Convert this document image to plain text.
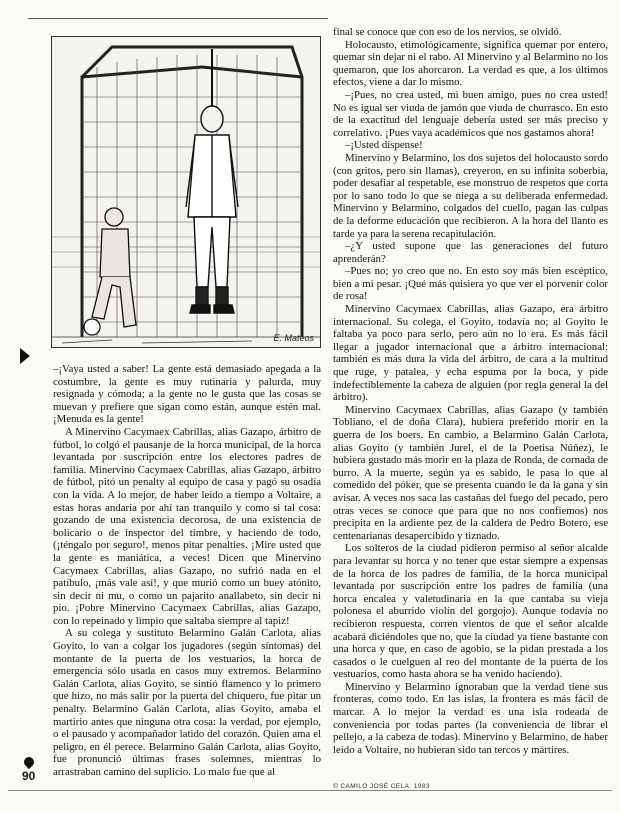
E. Mateos

–¡Vaya usted a saber! La gente está demasiado apegada a la costumbre, la gente es muy rutinaria y palurda, muy resignada y cómoda; a la gente no le gusta que las cosas se muevan y prefiere que sigan como están, aunque estén mal. ¡Menuda es la gente!

A Minervino Cacymaex Cabrillas, alias Gazapo, árbitro de fútbol, lo colgó el pausanje de la horca municipal, de la horca levantada por suscripción entre los electores padres de familia. Minervino Cacymaex Cabrillas, alias Gazapo, árbitro de fútbol, pitó un penalty al equipo de casa y pagó su osadía con la vida. A lo mejor, de haber leído a tiempo a Voltaire, a estas horas andaría por ahí tan tranquilo y como si tal cosa: gozando de una existencia decorosa, de una existencia de bolicario o de inspector del timbre, y haciendo de todo, (¡téngalo por seguro!, menos pitar penalties. ¡Mire usted que la gente es maniática, a veces! Dicen que Minervino Cacymaex Cabrillas, alias Gazapo, no sufrió nada en el patíbulo, ¡más vale así!, y que murió como un buey atónito, sin decir ni mu, o como un pajarito anallabeto, sin decir ni pío. ¡Pobre Minervino Cacymaex Cabrillas, alias Gazapo, con lo repeinado y limpio que saltaba siempre al tapiz!

A su colega y sustituto Belarmino Galán Carlota, alias Goyito, lo van a colgar los jugadores (según síntomas) del montante de la puerta de los vestuarios, la horca de emergencia sólo usada en casos muy extremos. Belarmino Galán Carlota, alias Goyito, se sintió flamenco y lo primero que hizo, no más salir por la puerta del chiquero, fue pitar un penalty. Belarmino Galán Carlota, alias Goyito, amaba el martirio antes que ninguna otra cosa: la verdad, por ejemplo, o el pausado y acompañador latido del corazón. Quien ama el peligro, en él perece. Belarmino Galán Carlota, alias Goyito, fue pronunció últimas frases solemnes, mientras lo arrastraban camino del suplicio. Lo malo fue que al

final se conoce que con eso de los nervios, se olvidó.

Holocausto, etimológicamente, significa quemar por entero, quemar sin dejar ni el rabo. Al Minervino y al Belarmino no los quemaron, que los ahorcaron. La verdad es que, a los últimos efectos, viene a dar lo mismo.

–¡Pues, no crea usted, mi buen amigo, pues no crea usted! No es igual ser viuda de jamón que viuda de churrasco. En esto de la exactitud del lenguaje debería usted ser más preciso y correlativo. ¡Pues vaya académicos que nos gastamos ahora!

–¡Usted dispense!

Minervino y Belarmino, los dos sujetos del holocausto sordo (con gritos, pero sin llamas), creyeron, en su infinita soberbia, poder desafiar al respetable, ese monstruo de respetos que corta por lo sano todo lo que se niega a su deliberada enfermedad. Minervino y Belarmino, colgados del cuello, pagan las culpas de la deforme educación que recibieron. A la hora del llanto es tarde ya para la serena recapitulación.

–¿Y usted supone que las generaciones del futuro aprenderán?

–Pues no; yo creo que no. En esto soy más bien escéptico, bien a mi pesar. ¡Qué más quisiera yo que ver el porvenir color de rosa!

Minervino Cacymaex Cabrillas, alias Gazapo, era árbitro internacional. Su colega, el Goyito, todavía no; al Goyito le faltaba ya poco para serlo, pero aún no lo era. Es más fácil llegar a jugador internacional que a árbitro internacional: también es más dura la vida del árbitro, de cara a la multitud que ruge, y patalea, y echa espuma por la boca, y pide indefectiblemente la cabeza de alguien (por regla general la del árbitro).

Minervino Cacymaex Cabrillas, alias Gazapo (y también Tobliano, el de doña Clara), hubiera preferido morir en la guerra de los boers. En cambio, a Belarmino Galán Carlota, alias Goyito (y también Jurel, el de la Poetisa Núñez), le hubiera gustado más morir en la plaza de Ronda, de cornada de burro. A la muerte, según ya es sabido, le pasa lo que al comedido del póker, que se presenta cuando le da la gana y sin avisar. A veces nos saca las castañas del fuego del pecado, pero otras veces se conoce que para que no nos confiemos) nos precipita en la ardiente pez de la caldera de Pedro Botero, ese centenarianas desapercibido y tiznado.

Los solteros de la ciudad pidieron permiso al señor alcalde para levantar su horca y no tener que estar siempre a expensas de la horca de los padres de familia, de la horca municipal levantada por suscripción entre los padres de familia (una horca encalea y valetudinaria en la que cantaba su vieja polonesa el aburrido violín del gorgojo). Aunque todavía no recibieron respuesta, corren vientos de que el señor alcalde acabará diciéndoles que no, que la ciudad ya tiene bastante con una horca y que, en caso de agobio, se la pidan prestada a los casados o le cuelguen al reo del montante de la puerta de los vestuarios, como hasta ahora se ha venido haciendo).

Minervino y Belarmino ignoraban que la verdad tiene sus fronteras, como todo. En las islas, la frontera es más fácil de marcar. A lo mejor la verdad es una isla rodeada de conveniencia por todas partes (la conveniencia de librar el pellejo, a la cabeza de todas). Minervino y Belarmino, de haber leído a Voltaire, no hubieran sido tan tercos y mártires.

© CAMILO JOSÉ CELA, 1983
90
